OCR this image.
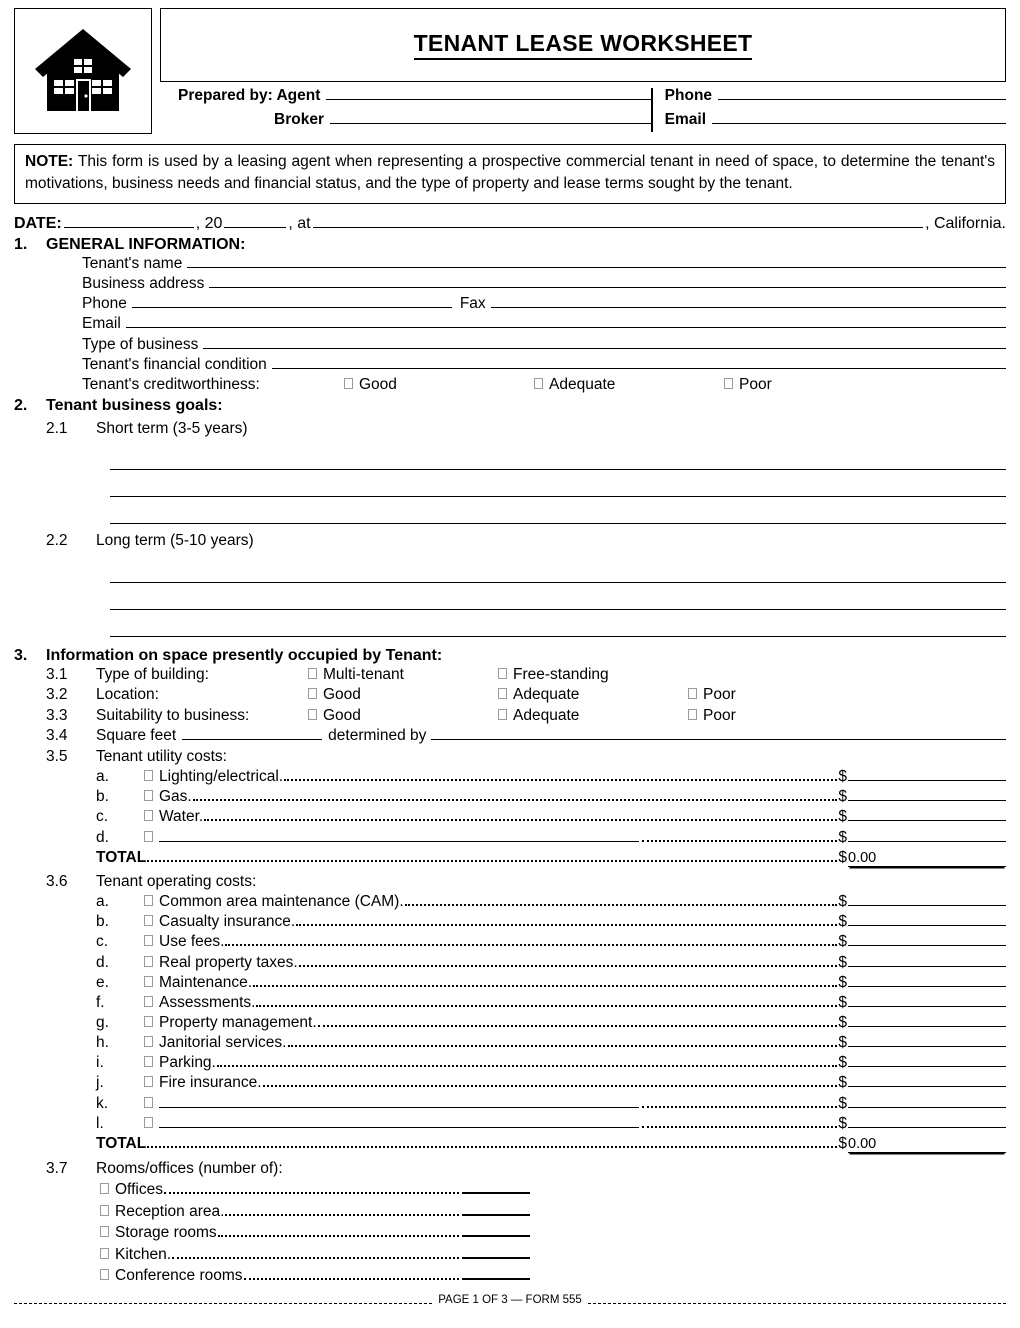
TENANT LEASE WORKSHEET
Prepared by: Agent
Broker
Phone
Email
NOTE: This form is used by a leasing agent when representing a prospective commercial tenant in need of space, to determine the tenant's motivations, business needs and financial status, and the type of property and lease terms sought by the tenant.
DATE:	, 20	, at	, California.
1.	GENERAL INFORMATION:
Tenant's name
Business address
Phone	Fax
Email
Type of business
Tenant's financial condition
Tenant's creditworthiness:	Good	Adequate	Poor
2.	Tenant business goals:
2.1	Short term (3-5 years)
2.2	Long term (5-10 years)
3.	Information on space presently occupied by Tenant:
3.1	Type of building:	Multi-tenant	Free-standing
3.2	Location:	Good	Adequate	Poor
3.3	Suitability to business:	Good	Adequate	Poor
3.4	Square feet	determined by
3.5	Tenant utility costs:
a.	Lighting/electrical.	$
b.	Gas.	$
c.	Water.	$
d.	$
TOTAL	$ 0.00
3.6	Tenant operating costs:
a.	Common area maintenance (CAM).	$
b.	Casualty insurance.	$
c.	Use fees.	$
d.	Real property taxes.	$
e.	Maintenance.	$
f.	Assessments.	$
g.	Property management.	$
h.	Janitorial services.	$
i.	Parking.	$
j.	Fire insurance.	$
k.	$
l.	$
TOTAL	$ 0.00
3.7	Rooms/offices (number of):
Offices
Reception area.
Storage rooms
Kitchen.
Conference rooms
PAGE 1 OF 3 — FORM 555
